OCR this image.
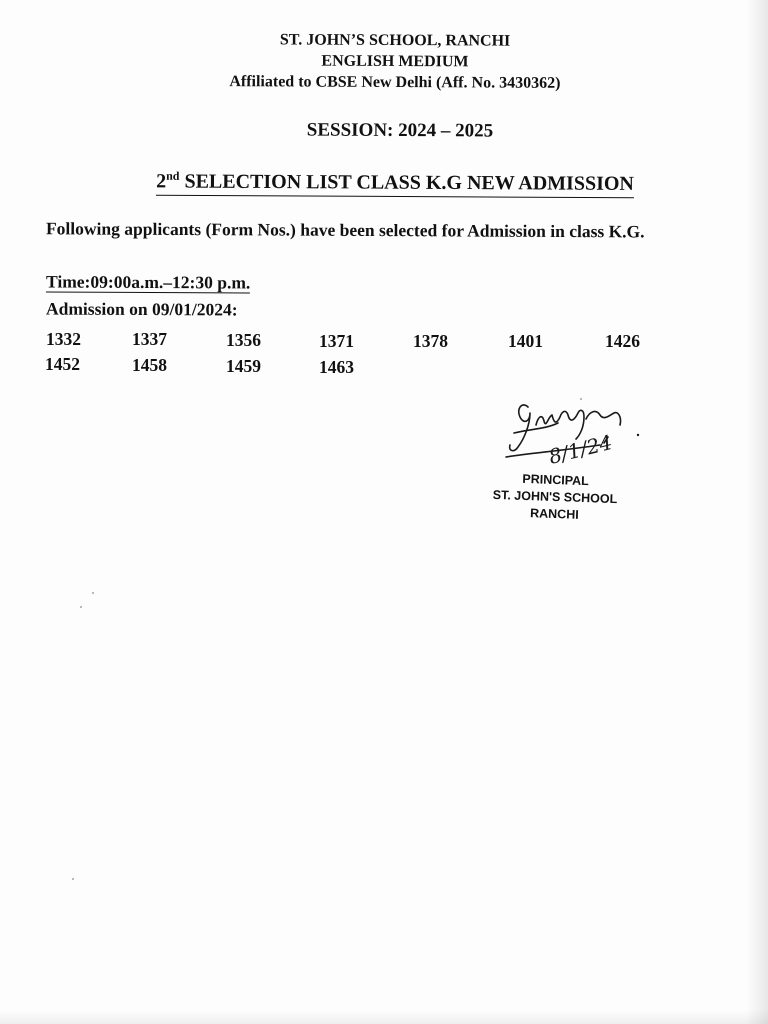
ST. JOHN’S SCHOOL, RANCHI
ENGLISH MEDIUM
Affiliated to CBSE New Delhi (Aff. No. 3430362)
SESSION: 2024 – 2025
2nd SELECTION LIST CLASS K.G NEW ADMISSION
Following applicants (Form Nos.) have been selected for Admission in class K.G.
Time:09:00a.m.–12:30 p.m.
Admission on 09/01/2024:
1332	1337	1356	1371	1378	1401	1426
1452	1458	1459	1463
8/1/24
PRINCIPAL
ST. JOHN'S SCHOOL
RANCHI
